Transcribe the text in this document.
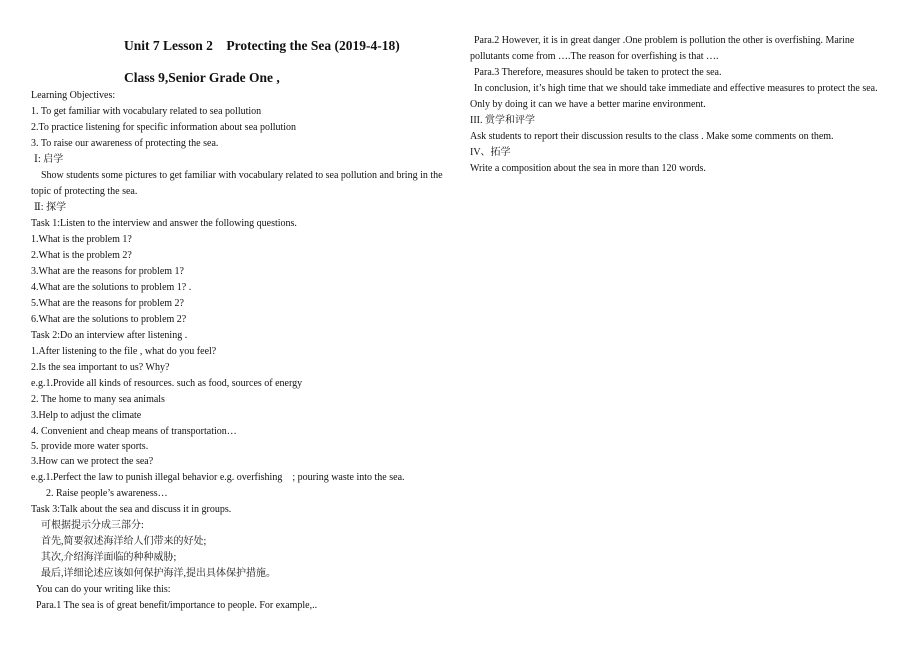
Unit 7 Lesson 2    Protecting the Sea (2019-4-18)
Class 9,Senior Grade One ,
Learning Objectives:
1. To get familiar with vocabulary related to sea pollution
2.To practice listening for specific information about sea pollution
3. To raise our awareness of protecting the sea.
Ⅰ: 启学
Show students some pictures to get familiar with vocabulary related to sea pollution and bring in the topic of protecting the sea.
Ⅱ: 探学
Task 1:Listen to the interview and answer the following questions.
1.What is the problem 1?
2.What is the problem 2?
3.What are the reasons for problem 1?
4.What are the solutions to problem 1? .
5.What are the reasons for problem 2?
6.What are the solutions to problem 2?
Task 2:Do an interview after listening .
1.After listening to the file , what do you feel?
2.Is the sea important to us? Why?
e.g.1.Provide all kinds of resources. such as food, sources of energy
2. The home to many sea animals
3.Help to adjust the climate
4. Convenient and cheap means of transportation…
5. provide more water sports.
3.How can we protect the sea?
e.g.1.Perfect the law to punish illegal behavior e.g. overfishing    ; pouring waste into the sea.
2. Raise people’s awareness…
Task 3:Talk about the sea and discuss it in groups.
可根据提示分成三部分:
首先,简要叙述海洋给人们带来的好处;
其次,介绍海洋面临的种种威胁;
最后,详细论述应该如何保护海洋,提出具体保护措施。
You can do your writing like this:
Para.1 The sea is of great benefit/importance to people. For example,..
Para.2 However, it is in great danger .One problem is pollution the other is overfishing. Marine pollutants come from ….The reason for overfishing is that ….
Para.3 Therefore, measures should be taken to protect the sea.
In conclusion, it’s high time that we should take immediate and effective measures to protect the sea. Only by doing it can we have a better marine environment.
III. 赏学和评学
Ask students to report their discussion results to the class . Make some comments on them.
IV、拓学
Write a composition about the sea in more than 120 words.
